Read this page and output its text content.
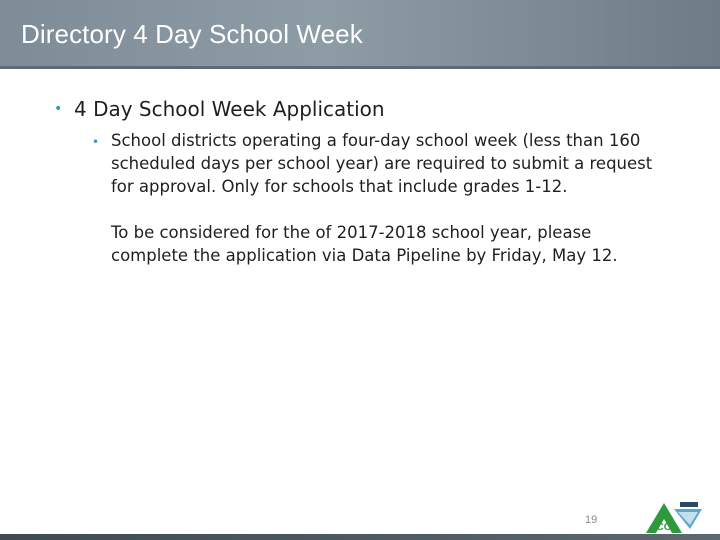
Directory 4 Day School Week
• 4 Day School Week Application
• School districts operating a four-day school week (less than 160 scheduled days per school year) are required to submit a request for approval. Only for schools that include grades 1-12.
To be considered for the of 2017-2018 school year, please complete the application via Data Pipeline by Friday, May 12.
19
CO
